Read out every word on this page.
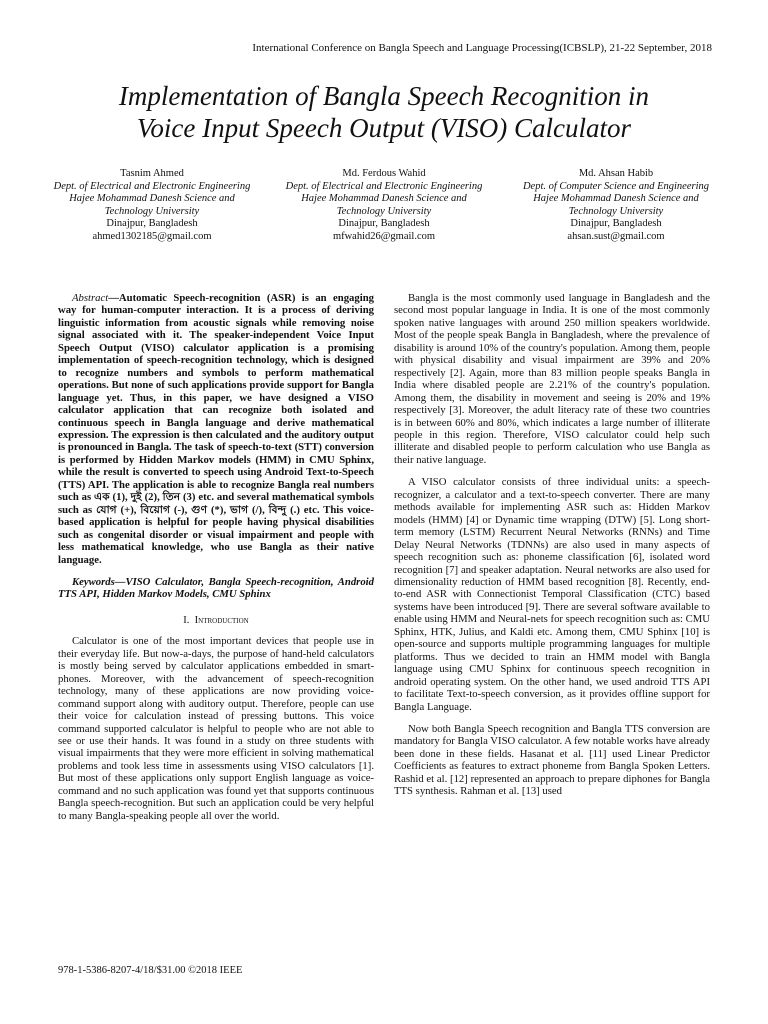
International Conference on Bangla Speech and Language Processing(ICBSLP), 21-22 September, 2018
Implementation of Bangla Speech Recognition in
Voice Input Speech Output (VISO) Calculator
Tasnim Ahmed
Dept. of Electrical and Electronic Engineering
Hajee Mohammad Danesh Science and Technology University
Dinajpur, Bangladesh
ahmed1302185@gmail.com
Md. Ferdous Wahid
Dept. of Electrical and Electronic Engineering
Hajee Mohammad Danesh Science and Technology University
Dinajpur, Bangladesh
mfwahid26@gmail.com
Md. Ahsan Habib
Dept. of Computer Science and Engineering
Hajee Mohammad Danesh Science and Technology University
Dinajpur, Bangladesh
ahsan.sust@gmail.com

Abstract—Automatic Speech-recognition (ASR) is an engaging way for human-computer interaction. It is a process of deriving linguistic information from acoustic signals while removing noise signal associated with it. The speaker-independent Voice Input Speech Output (VISO) calculator application is a promising implementation of speech-recognition technology, which is designed to recognize numbers and symbols to perform mathematical operations. But none of such applications provide support for Bangla language yet. Thus, in this paper, we have designed a VISO calculator application that can recognize both isolated and continuous speech in Bangla language and derive mathematical expression. The expression is then calculated and the auditory output is pronounced in Bangla. The task of speech-to-text (STT) conversion is performed by Hidden Markov models (HMM) in CMU Sphinx, while the result is converted to speech using Android Text-to-Speech (TTS) API. The application is able to recognize Bangla real numbers such as এক (1), দুই (2), তিন (3) etc. and several mathematical symbols such as যোগ (+), বিয়োগ (-), গুণ (*), ভাগ (/), বিন্দু (.) etc. This voice-based application is helpful for people having physical disabilities such as congenital disorder or visual impairment and people with less mathematical knowledge, who use Bangla as their native language.

Keywords—VISO Calculator, Bangla Speech-recognition, Android TTS API, Hidden Markov Models, CMU Sphinx

I. Introduction

Calculator is one of the most important devices that people use in their everyday life. But now-a-days, the purpose of hand-held calculators is mostly being served by calculator applications embedded in smart-phones. Moreover, with the advancement of speech-recognition technology, many of these applications are now providing voice-command support along with auditory output. Therefore, people can use their voice for calculation instead of pressing buttons. This voice command supported calculator is helpful to people who are not able to see or use their hands. It was found in a study on three students with visual impairments that they were more efficient in solving mathematical problems and took less time in assessments using VISO calculators [1]. But most of these applications only support English language as voice-command and no such application was found yet that supports continuous Bangla speech-recognition. But such an application could be very helpful to many Bangla-speaking people all over the world.

Bangla is the most commonly used language in Bangladesh and the second most popular language in India. It is one of the most commonly spoken native languages with around 250 million speakers worldwide. Most of the people speak Bangla in Bangladesh, where the prevalence of disability is around 10% of the country's population. Among them, people with physical disability and visual impairment are 39% and 20% respectively [2]. Again, more than 83 million people speaks Bangla in India where disabled people are 2.21% of the country's population. Among them, the disability in movement and seeing is 20% and 19% respectively [3]. Moreover, the adult literacy rate of these two countries is in between 60% and 80%, which indicates a large number of illiterate people in this region. Therefore, VISO calculator could help such illiterate and disabled people to perform calculation who use Bangla as their native language.

A VISO calculator consists of three individual units: a speech-recognizer, a calculator and a text-to-speech converter. There are many methods available for implementing ASR such as: Hidden Markov models (HMM) [4] or Dynamic time wrapping (DTW) [5]. Long short-term memory (LSTM) Recurrent Neural Networks (RNNs) and Time Delay Neural Networks (TDNNs) are also used in many aspects of speech recognition such as: phoneme classification [6], isolated word recognition [7] and speaker adaptation. Neural networks are also used for dimensionality reduction of HMM based recognition [8]. Recently, end-to-end ASR with Connectionist Temporal Classification (CTC) based systems have been introduced [9]. There are several software available to enable using HMM and Neural-nets for speech recognition such as: CMU Sphinx, HTK, Julius, and Kaldi etc. Among them, CMU Sphinx [10] is open-source and supports multiple programming languages for multiple platforms. Thus we decided to train an HMM model with Bangla language using CMU Sphinx for continuous speech recognition in android operating system. On the other hand, we used android TTS API to facilitate Text-to-speech conversion, as it provides offline support for Bangla Language.

Now both Bangla Speech recognition and Bangla TTS conversion are mandatory for Bangla VISO calculator. A few notable works have already been done in these fields. Hasanat et al. [11] used Linear Predictor Coefficients as features to extract phoneme from Bangla Spoken Letters. Rashid et al. [12] represented an approach to prepare diphones for Bangla TTS synthesis. Rahman et al. [13] used

978-1-5386-8207-4/18/$31.00 ©2018 IEEE
